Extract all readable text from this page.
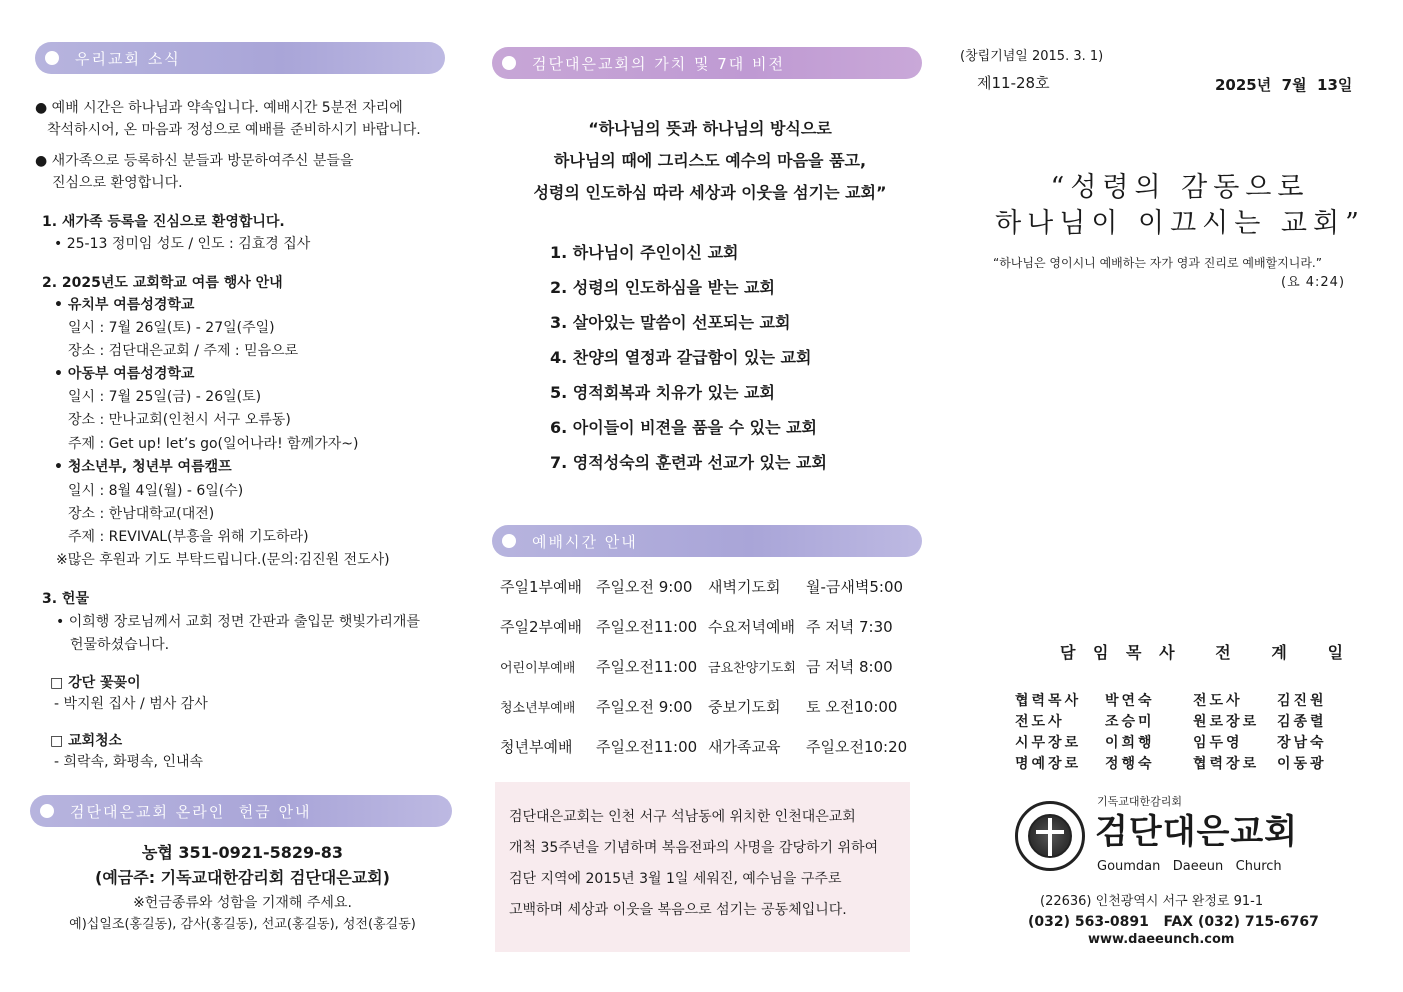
우리교회 소식
● 예배 시간은 하나님과 약속입니다. 예배시간 5분전 자리에
착석하시어, 온 마음과 정성으로 예배를 준비하시기 바랍니다.
● 새가족으로 등록하신 분들과 방문하여주신 분들을
진심으로 환영합니다.
1. 새가족 등록을 진심으로 환영합니다.
• 25-13 정미임 성도 / 인도 : 김효경 집사
2. 2025년도 교회학교 여름 행사 안내
• 유치부 여름성경학교
일시 : 7월 26일(토) - 27일(주일)
장소 : 검단대은교회 / 주제 : 믿음으로
• 아동부 여름성경학교
일시 : 7월 25일(금) - 26일(토)
장소 : 만나교회(인천시 서구 오류동)
주제 : Get up! let’s go(일어나라! 함께가자~)
• 청소년부, 청년부 여름캠프
일시 : 8월 4일(월) - 6일(수)
장소 : 한남대학교(대전)
주제 : REVIVAL(부흥을 위해 기도하라)
※많은 후원과 기도 부탁드립니다.(문의:김진원 전도사)
3. 헌물
• 이희행 장로님께서 교회 정면 간판과 출입문 햇빛가리개를
헌물하셨습니다.
□ 강단 꽃꽂이
- 박지원 집사 / 범사 감사
□ 교회청소
- 희락속, 화평속, 인내속
검단대은교회 온라인  헌금 안내
농협 351-0921-5829-83
(예금주: 기독교대한감리회 검단대은교회)
※헌금종류와 성함을 기재해 주세요.
예)십일조(홍길동), 감사(홍길동), 선교(홍길동), 성전(홍길동)
검단대은교회의 가치 및 7대 비전
“하나님의 뜻과 하나님의 방식으로
하나님의 때에 그리스도 예수의 마음을 품고,
성령의 인도하심 따라 세상과 이웃을 섬기는 교회”
1. 하나님이 주인이신 교회
2. 성령의 인도하심을 받는 교회
3. 살아있는 말씀이 선포되는 교회
4. 찬양의 열정과 갈급함이 있는 교회
5. 영적회복과 치유가 있는 교회
6. 아이들이 비젼을 품을 수 있는 교회
7. 영적성숙의 훈련과 선교가 있는 교회
예배시간 안내
주일1부예배 주일오전 9:00	새벽기도회	월-금새벽5:00
주일2부예배 주일오전11:00 수요저녁예배 주 저녁 7:30
어린이부예배	주일오전11:00 금요찬양기도회 금 저녁 8:00
청소년부예배	주일오전 9:00	중보기도회	토 오전10:00
청년부예배	주일오전11:00 새가족교육	주일오전10:20
검단대은교회는 인천 서구 석남동에 위치한 인천대은교회
개척 35주년을 기념하며 복음전파의 사명을 감당하기 위하여
검단 지역에 2015년 3월 1일 세워진, 예수님을 구주로
고백하며 세상과 이웃을 복음으로 섬기는 공동체입니다.
(창립기념일 2015. 3. 1)
제11-28호	2025년  7월  13일
“성령의 감동으로
하나님이 이끄시는 교회”
“하나님은 영이시니 예배하는 자가 영과 진리로 예배할지니라.”
(요 4:24)
담 임 목 사   전   계   일
협력목사	박연숙	전도사	김진원
전도사	조승미	원로장로	김종렬
시무장로	이희행	임두영	장남숙
명예장로	정행숙	협력장로	이동광
기독교대한감리회
검단대은교회
Goumdan   Daeeun   Church
(22636) 인천광역시 서구 완정로 91-1
(032) 563-0891   FAX (032) 715-6767
www.daeeunch.com
